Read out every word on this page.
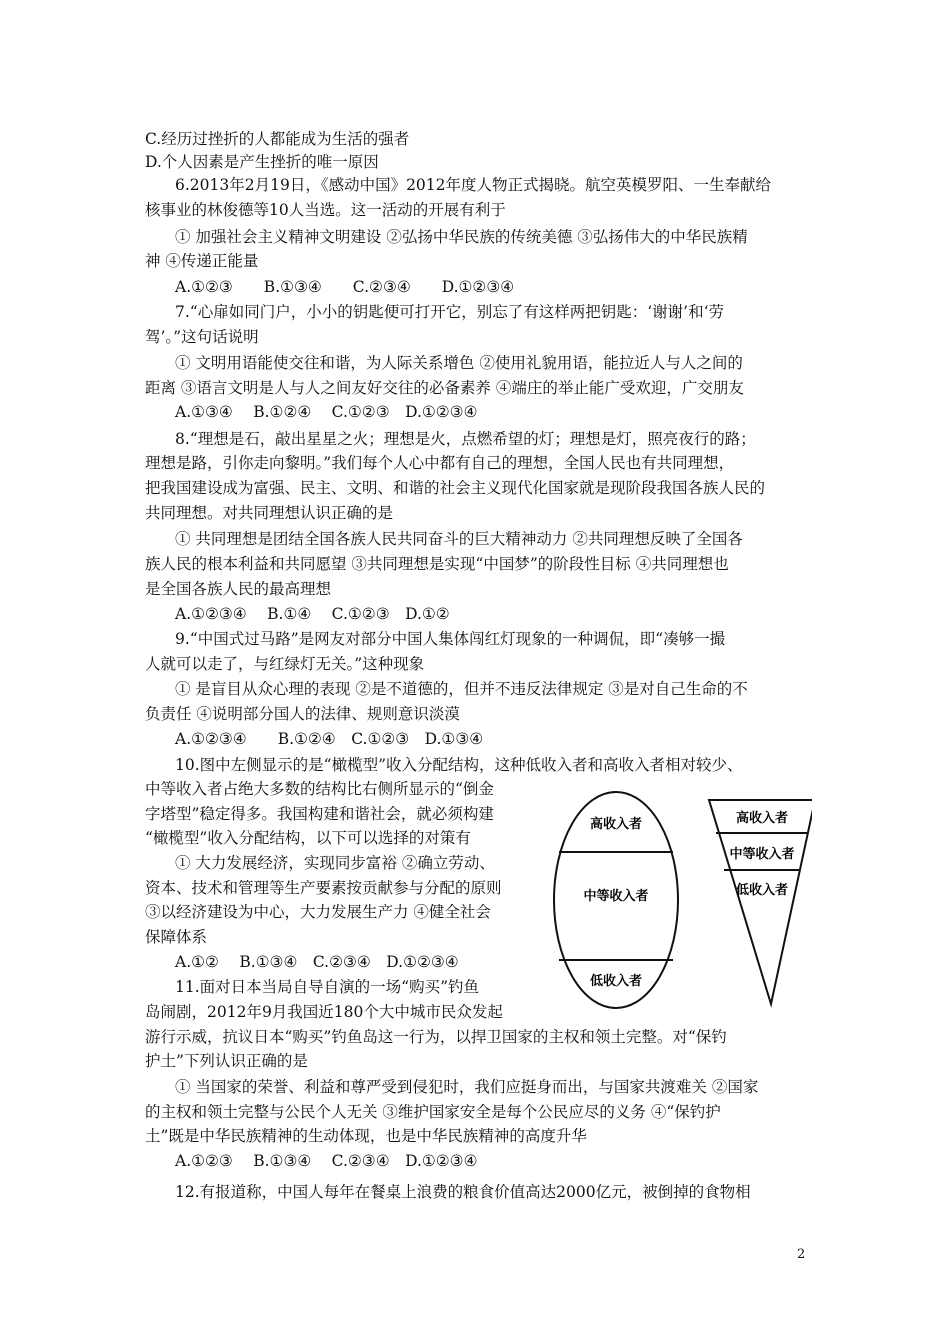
C.经历过挫折的人都能成为生活的强者
D.个人因素是产生挫折的唯一原因
6.2013年2月19日，《感动中国》2012年度人物正式揭晓。航空英模罗阳、一生奉献给
核事业的林俊德等10人当选。这一活动的开展有利于
① 加强社会主义精神文明建设 ②弘扬中华民族的传统美德 ③弘扬伟大的中华民族精
神 ④传递正能量
A.①②③　　B.①③④　　C.②③④　　D.①②③④
7.“心扉如同门户，小小的钥匙便可打开它，别忘了有这样两把钥匙：‘谢谢’和‘劳
驾’。”这句话说明
① 文明用语能使交往和谐，为人际关系增色 ②使用礼貌用语，能拉近人与人之间的
距离 ③语言文明是人与人之间友好交往的必备素养 ④端庄的举止能广受欢迎，广交朋友
A.①③④　 B.①②④　 C.①②③　D.①②③④
8.“理想是石，敲出星星之火；理想是火，点燃希望的灯；理想是灯，照亮夜行的路；
理想是路，引你走向黎明。”我们每个人心中都有自己的理想，全国人民也有共同理想，
把我国建设成为富强、民主、文明、和谐的社会主义现代化国家就是现阶段我国各族人民的
共同理想。对共同理想认识正确的是
① 共同理想是团结全国各族人民共同奋斗的巨大精神动力 ②共同理想反映了全国各
族人民的根本利益和共同愿望 ③共同理想是实现“中国梦”的阶段性目标 ④共同理想也
是全国各族人民的最高理想
A.①②③④　 B.①④　 C.①②③　D.①②
9.“中国式过马路”是网友对部分中国人集体闯红灯现象的一种调侃，即“凑够一撮
人就可以走了，与红绿灯无关。”这种现象
① 是盲目从众心理的表现 ②是不道德的，但并不违反法律规定 ③是对自己生命的不
负责任 ④说明部分国人的法律、规则意识淡漠
A.①②③④　　B.①②④　C.①②③　D.①③④
10.图中左侧显示的是“橄榄型”收入分配结构，这种低收入者和高收入者相对较少、
中等收入者占绝大多数的结构比右侧所显示的“倒金
字塔型”稳定得多。我国构建和谐社会，就必须构建
“橄榄型”收入分配结构，以下可以选择的对策有
① 大力发展经济，实现同步富裕 ②确立劳动、
资本、技术和管理等生产要素按贡献参与分配的原则
③以经济建设为中心，大力发展生产力 ④健全社会
保障体系
A.①②　 B.①③④　C.②③④　D.①②③④
11.面对日本当局自导自演的一场“购买”钓鱼
岛闹剧，2012年9月我国近180个大中城市民众发起
游行示威，抗议日本“购买”钓鱼岛这一行为，以捍卫国家的主权和领土完整。对“保钓
护土”下列认识正确的是
① 当国家的荣誉、利益和尊严受到侵犯时，我们应挺身而出，与国家共渡难关 ②国家
的主权和领土完整与公民个人无关 ③维护国家安全是每个公民应尽的义务 ④“保钓护
土”既是中华民族精神的生动体现，也是中华民族精神的高度升华
A.①②③　 B.①③④　 C.②③④　D.①②③④
12.有报道称，中国人每年在餐桌上浪费的粮食价值高达2000亿元，被倒掉的食物相
高收入者
中等收入者
低收入者
高收入者
中等收入者
低收入者
2
